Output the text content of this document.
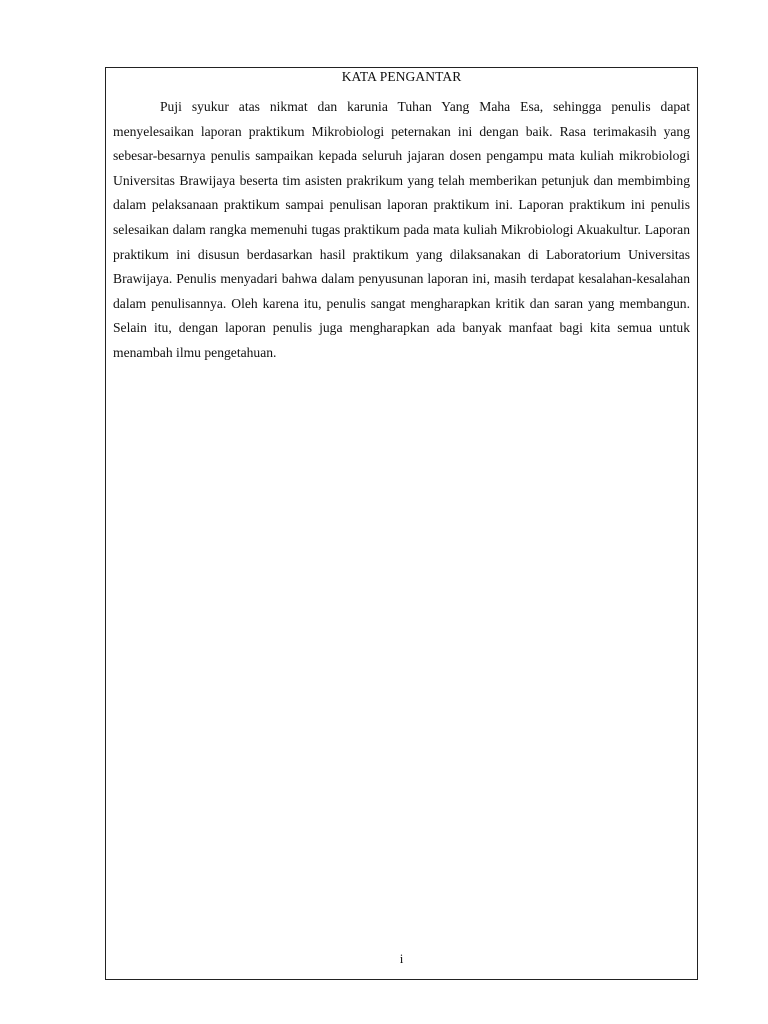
KATA PENGANTAR

Puji syukur atas nikmat dan karunia Tuhan Yang Maha Esa, sehingga penulis dapat menyelesaikan laporan praktikum Mikrobiologi peternakan ini dengan baik. Rasa terimakasih yang sebesar-besarnya penulis sampaikan kepada seluruh jajaran dosen pengampu mata kuliah mikrobiologi Universitas Brawijaya beserta tim asisten prakrikum yang telah memberikan petunjuk dan membimbing dalam pelaksanaan praktikum sampai penulisan laporan praktikum ini. Laporan praktikum ini penulis selesaikan dalam rangka memenuhi tugas praktikum pada mata kuliah Mikrobiologi Akuakultur. Laporan praktikum ini disusun berdasarkan hasil praktikum yang dilaksanakan di Laboratorium Universitas Brawijaya. Penulis menyadari bahwa dalam penyusunan laporan ini, masih terdapat kesalahan-kesalahan dalam penulisannya. Oleh karena itu, penulis sangat mengharapkan kritik dan saran yang membangun. Selain itu, dengan laporan penulis juga mengharapkan ada banyak manfaat bagi kita semua untuk menambah ilmu pengetahuan.

i
